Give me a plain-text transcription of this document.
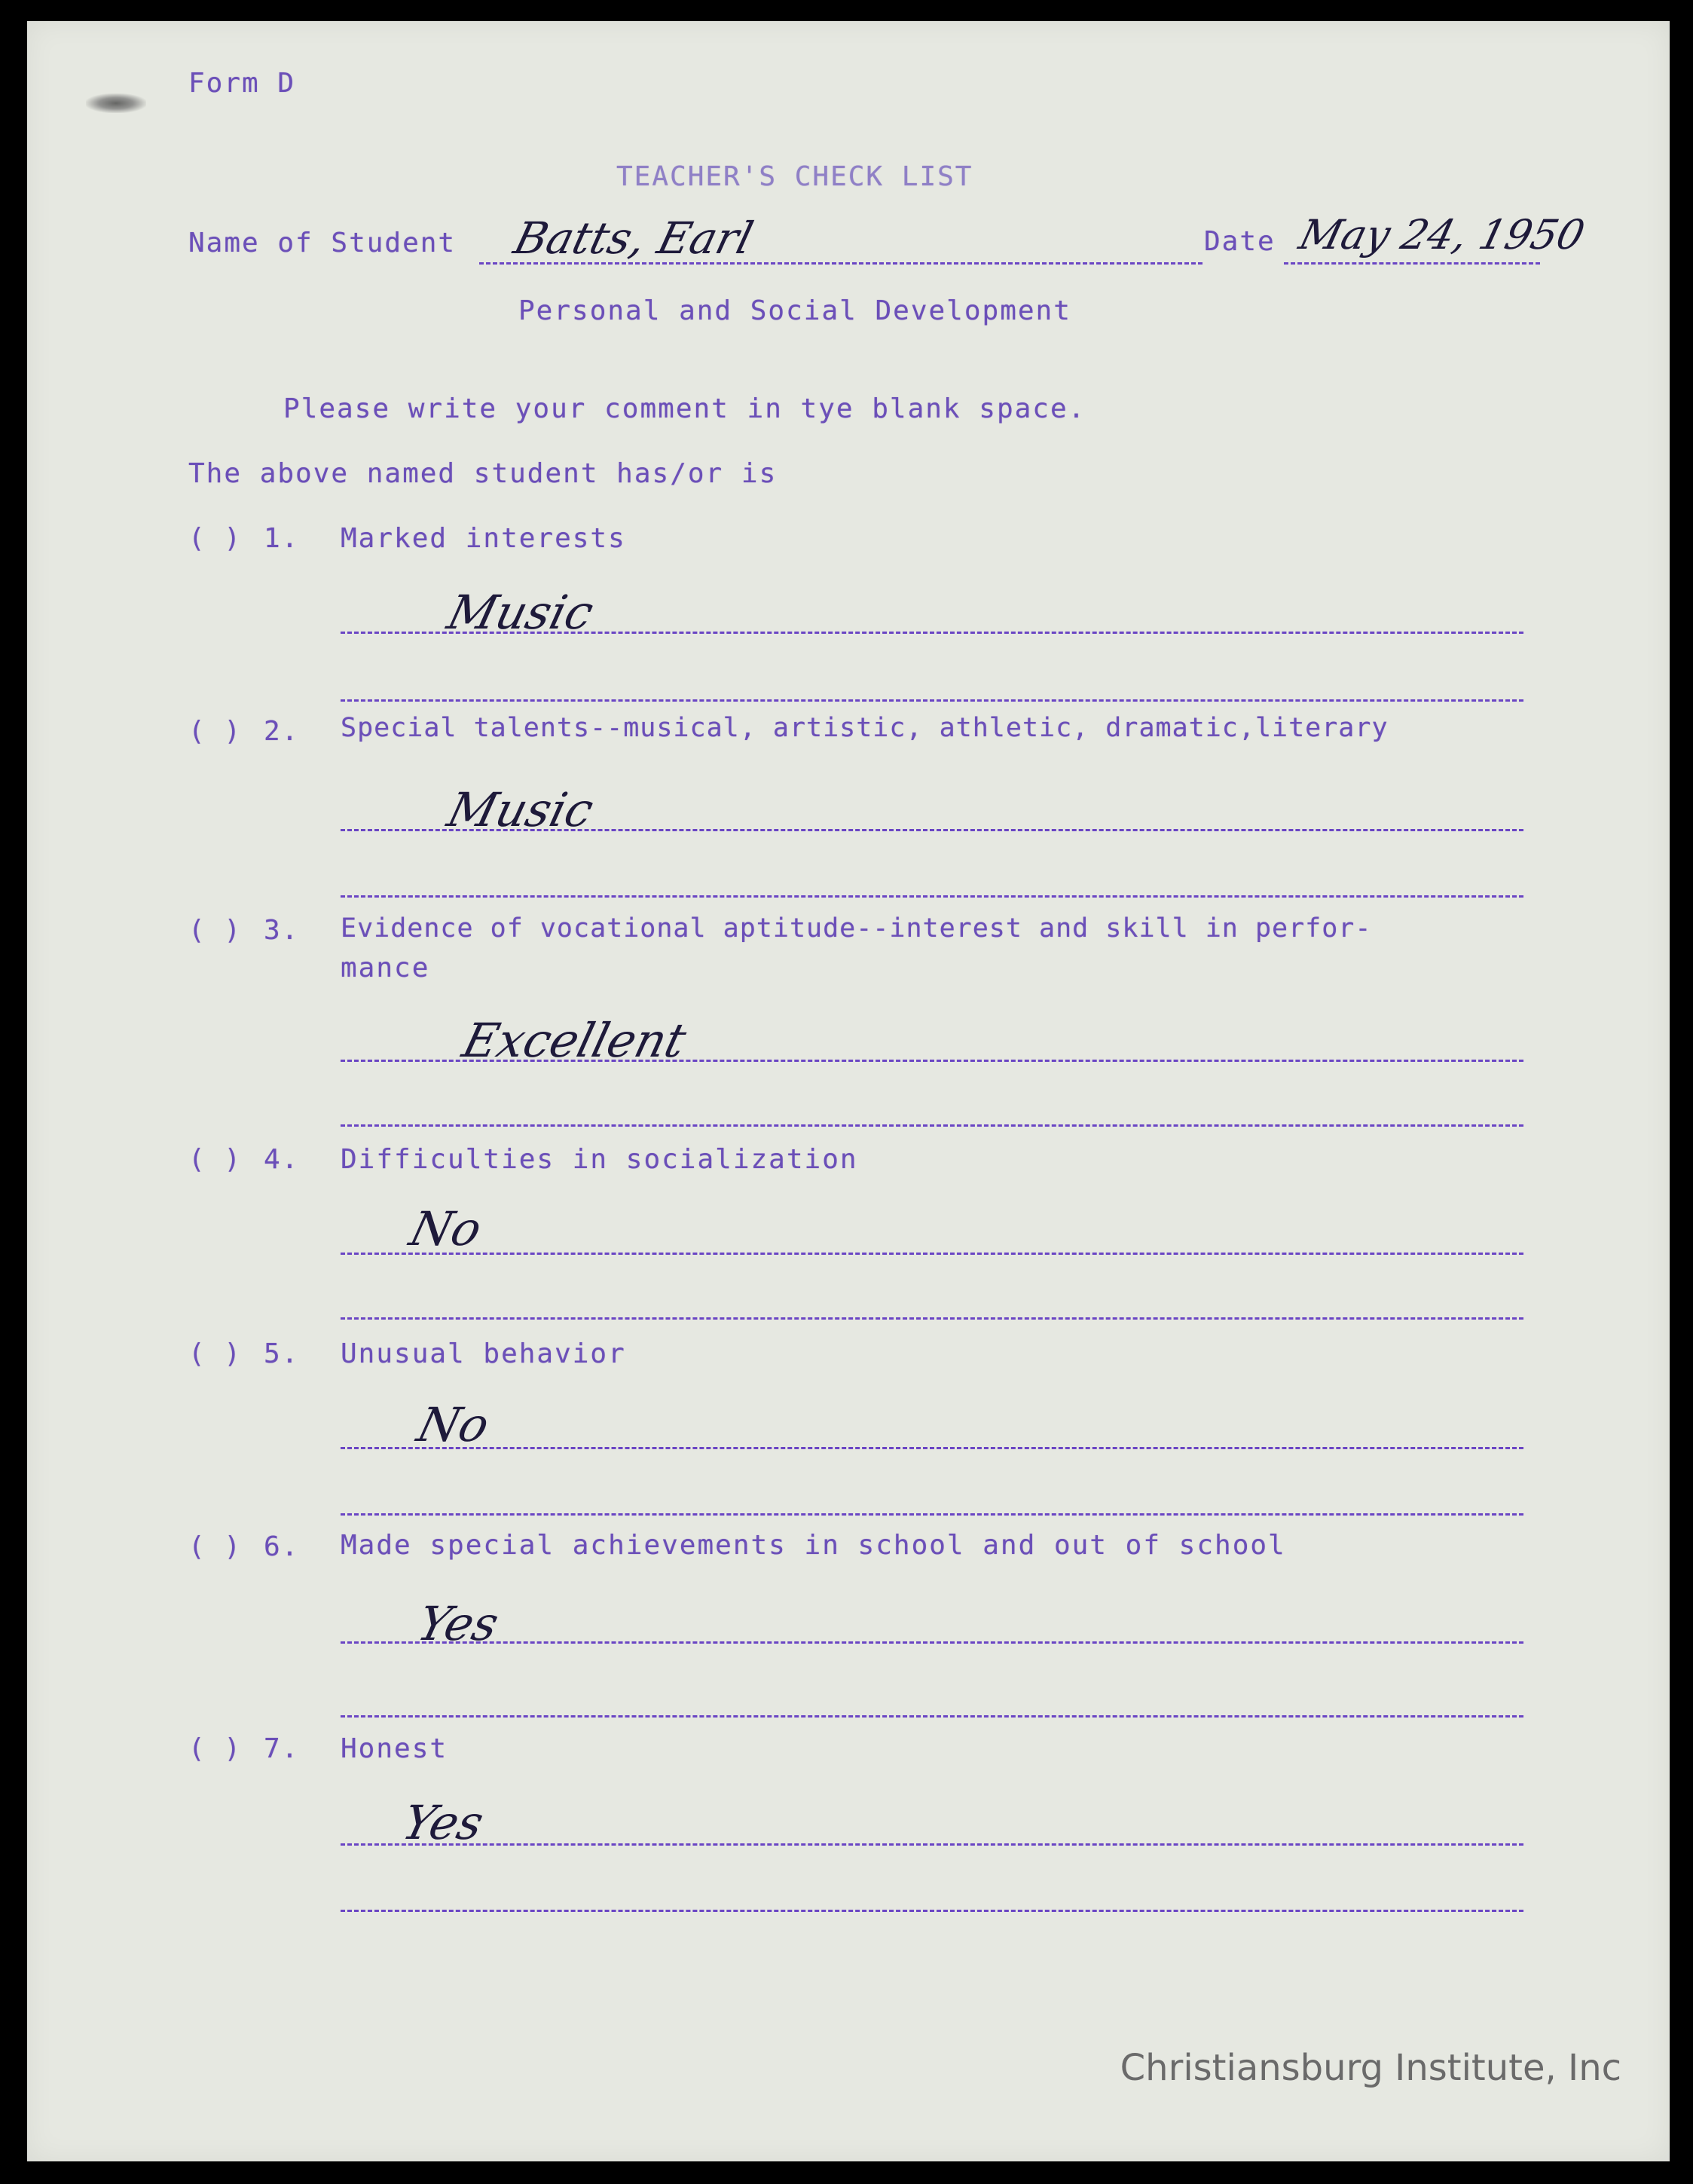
Form D
TEACHER'S CHECK LIST
Name of Student Batts, Earl	Date May 24, 1950
Personal and Social Development
Please write your comment in tye blank space.
The above named student has/or is
( ) 1. Marked interests
Music
( ) 2. Special talents--musical, artistic, athletic, dramatic,literary
Music
( ) 3. Evidence of vocational aptitude--interest and skill in perfor-
mance
Excellent
( ) 4. Difficulties in socialization
No
( ) 5. Unusual behavior
No
( ) 6. Made special achievements in school and out of school
Yes
( ) 7. Honest
Yes
Christiansburg Institute, Inc
